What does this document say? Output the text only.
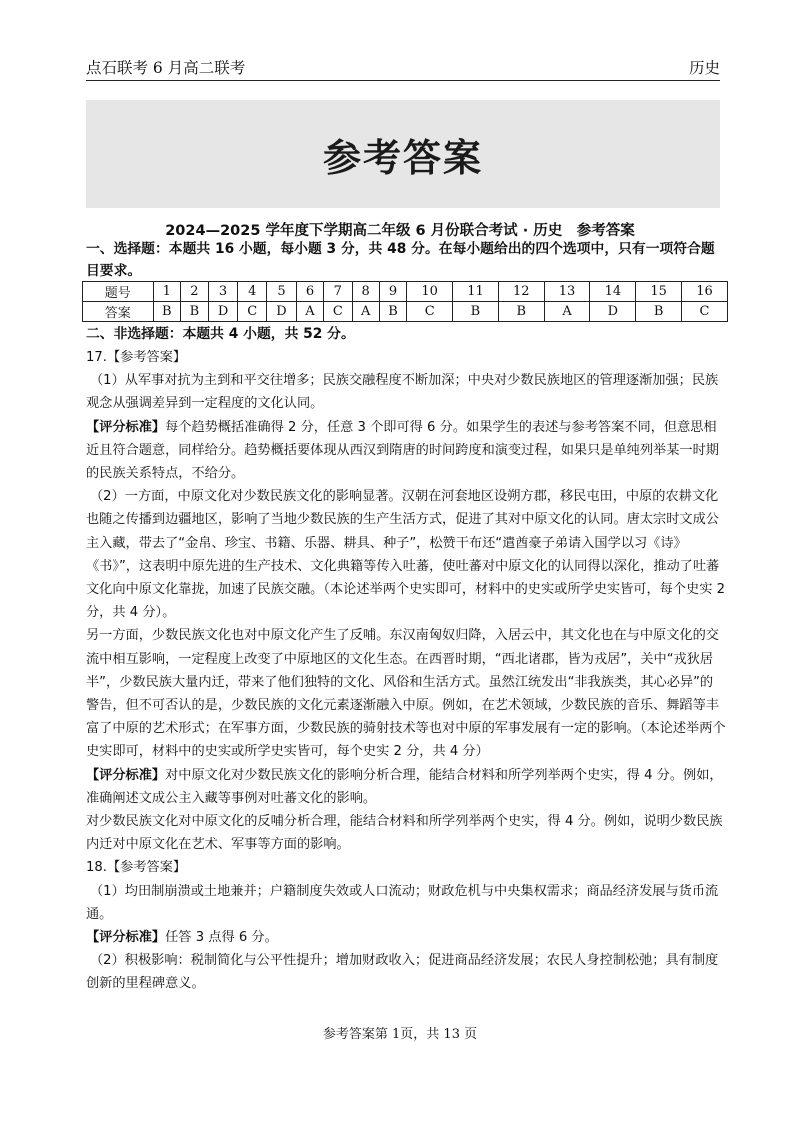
点石联考 6 月高二联考	历史
参考答案
2024—2025 学年度下学期高二年级 6 月份联合考试 · 历史　参考答案
一、选择题：本题共 16 小题，每小题 3 分，共 48 分。在每小题给出的四个选项中，只有一项符合题目要求。
题号	1	2	3	4	5	6	7	8	9	10	11	12	13	14	15	16
答案	B	B	D	C	D	A	C	A	B	C	B	B	A	D	B	C
二、非选择题：本题共 4 小题，共 52 分。

17.【参考答案】

（1）从军事对抗为主到和平交往增多；民族交融程度不断加深；中央对少数民族地区的管理逐渐加强；民族观念从强调差异到一定程度的文化认同。

【评分标准】每个趋势概括准确得 2 分，任意 3 个即可得 6 分。如果学生的表述与参考答案不同，但意思相近且符合题意，同样给分。趋势概括要体现从西汉到隋唐的时间跨度和演变过程，如果只是单纯列举某一时期的民族关系特点，不给分。

（2）一方面，中原文化对少数民族文化的影响显著。汉朝在河套地区设朔方郡，移民屯田，中原的农耕文化也随之传播到边疆地区，影响了当地少数民族的生产生活方式，促进了其对中原文化的认同。唐太宗时文成公主入藏，带去了“金帛、珍宝、书籍、乐器、耕具、种子”，松赞干布还“遣酋豪子弟请入国学以习《诗》《书》”，这表明中原先进的生产技术、文化典籍等传入吐蕃，使吐蕃对中原文化的认同得以深化，推动了吐蕃文化向中原文化靠拢，加速了民族交融。（本论述举两个史实即可，材料中的史实或所学史实皆可，每个史实 2 分，共 4 分）。

另一方面，少数民族文化也对中原文化产生了反哺。东汉南匈奴归降，入居云中，其文化也在与中原文化的交流中相互影响，一定程度上改变了中原地区的文化生态。在西晋时期，“西北诸郡，皆为戎居”，关中“戎狄居半”，少数民族大量内迁，带来了他们独特的文化、风俗和生活方式。虽然江统发出“非我族类，其心必异”的警告，但不可否认的是，少数民族的文化元素逐渐融入中原。例如，在艺术领域，少数民族的音乐、舞蹈等丰富了中原的艺术形式；在军事方面，少数民族的骑射技术等也对中原的军事发展有一定的影响。（本论述举两个史实即可，材料中的史实或所学史实皆可，每个史实 2 分，共 4 分）

【评分标准】对中原文化对少数民族文化的影响分析合理，能结合材料和所学列举两个史实，得 4 分。例如，准确阐述文成公主入藏等事例对吐蕃文化的影响。

对少数民族文化对中原文化的反哺分析合理，能结合材料和所学列举两个史实，得 4 分。例如，说明少数民族内迁对中原文化在艺术、军事等方面的影响。

18.【参考答案】

（1）均田制崩溃或土地兼并；户籍制度失效或人口流动；财政危机与中央集权需求；商品经济发展与货币流通。

【评分标准】任答 3 点得 6 分。

（2）积极影响：税制简化与公平性提升；增加财政收入；促进商品经济发展；农民人身控制松弛；具有制度创新的里程碑意义。

参考答案第 1页，共 13 页
